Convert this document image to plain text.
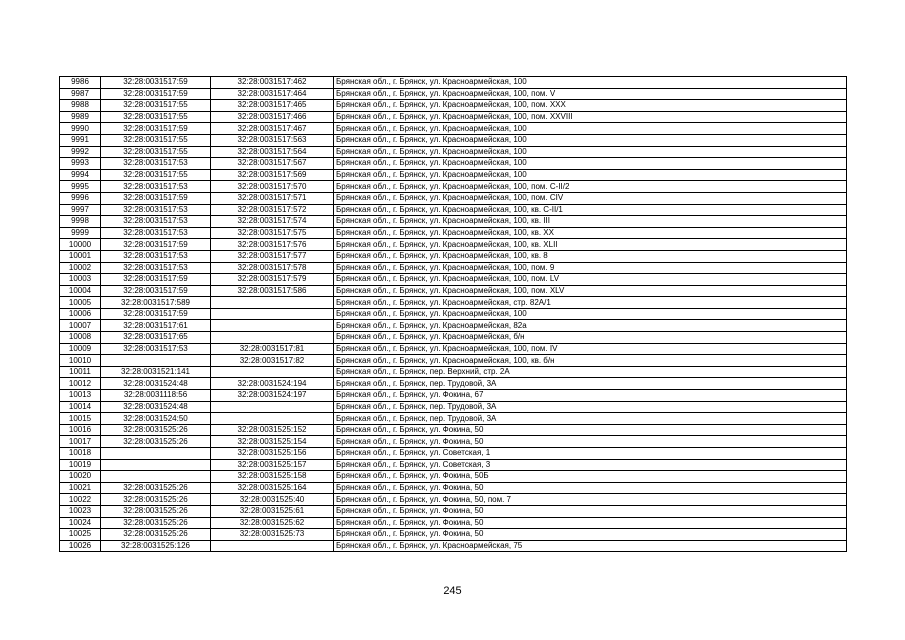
9986	32:28:0031517:59	32:28:0031517:462	Брянская обл., г. Брянск, ул. Красноармейская, 100
9987	32:28:0031517:59	32:28:0031517:464	Брянская обл., г. Брянск, ул. Красноармейская, 100, пом. V
9988	32:28:0031517:55	32:28:0031517:465	Брянская обл., г. Брянск, ул. Красноармейская, 100, пом. XXX
9989	32:28:0031517:55	32:28:0031517:466	Брянская обл., г. Брянск, ул. Красноармейская, 100, пом. XXVIII
9990	32:28:0031517:59	32:28:0031517:467	Брянская обл., г. Брянск, ул. Красноармейская, 100
9991	32:28:0031517:55	32:28:0031517:563	Брянская обл., г. Брянск, ул. Красноармейская, 100
9992	32:28:0031517:55	32:28:0031517:564	Брянская обл., г. Брянск, ул. Красноармейская, 100
9993	32:28:0031517:53	32:28:0031517:567	Брянская обл., г. Брянск, ул. Красноармейская, 100
9994	32:28:0031517:55	32:28:0031517:569	Брянская обл., г. Брянск, ул. Красноармейская, 100
9995	32:28:0031517:53	32:28:0031517:570	Брянская обл., г. Брянск, ул. Красноармейская, 100, пом. С-II/2
9996	32:28:0031517:59	32:28:0031517:571	Брянская обл., г. Брянск, ул. Красноармейская, 100, пом. CIV
9997	32:28:0031517:53	32:28:0031517:572	Брянская обл., г. Брянск, ул. Красноармейская, 100, кв. С-II/1
9998	32:28:0031517:53	32:28:0031517:574	Брянская обл., г. Брянск, ул. Красноармейская, 100, кв. III
9999	32:28:0031517:53	32:28:0031517:575	Брянская обл., г. Брянск, ул. Красноармейская, 100, кв. XX
10000	32:28:0031517:59	32:28:0031517:576	Брянская обл., г. Брянск, ул. Красноармейская, 100, кв. XLII
10001	32:28:0031517:53	32:28:0031517:577	Брянская обл., г. Брянск, ул. Красноармейская, 100, кв. 8
10002	32:28:0031517:53	32:28:0031517:578	Брянская обл., г. Брянск, ул. Красноармейская, 100, пом. 9
10003	32:28:0031517:59	32:28:0031517:579	Брянская обл., г. Брянск, ул. Красноармейская, 100, пом. LV
10004	32:28:0031517:59	32:28:0031517:586	Брянская обл., г. Брянск, ул. Красноармейская, 100, пом. XLV
10005	32:28:0031517:589		Брянская обл., г. Брянск, ул. Красноармейская, стр. 82А/1
10006	32:28:0031517:59		Брянская обл., г. Брянск, ул. Красноармейская, 100
10007	32:28:0031517:61		Брянская обл., г. Брянск, ул. Красноармейская, 82а
10008	32:28:0031517:65		Брянская обл., г. Брянск, ул. Красноармейская, б/н
10009	32:28:0031517:53	32:28:0031517:81	Брянская обл., г. Брянск, ул. Красноармейская, 100, пом. IV
10010		32:28:0031517:82	Брянская обл., г. Брянск, ул. Красноармейская, 100, кв. б/н
10011	32:28:0031521:141		Брянская обл., г. Брянск, пер. Верхний, стр. 2А
10012	32:28:0031524:48	32:28:0031524:194	Брянская обл., г. Брянск, пер. Трудовой, 3А
10013	32:28:0031118:56	32:28:0031524:197	Брянская обл., г. Брянск, ул. Фокина, 67
10014	32:28:0031524:48		Брянская обл., г. Брянск, пер. Трудовой, 3А
10015	32:28:0031524:50		Брянская обл., г. Брянск, пер. Трудовой, 3А
10016	32:28:0031525:26	32:28:0031525:152	Брянская обл., г. Брянск, ул. Фокина, 50
10017	32:28:0031525:26	32:28:0031525:154	Брянская обл., г. Брянск, ул. Фокина, 50
10018		32:28:0031525:156	Брянская обл., г. Брянск, ул. Советская, 1
10019		32:28:0031525:157	Брянская обл., г. Брянск, ул. Советская, 3
10020		32:28:0031525:158	Брянская обл., г. Брянск, ул. Фокина, 50Б
10021	32:28:0031525:26	32:28:0031525:164	Брянская обл., г. Брянск, ул. Фокина, 50
10022	32:28:0031525:26	32:28:0031525:40	Брянская обл., г. Брянск, ул. Фокина, 50, пом. 7
10023	32:28:0031525:26	32:28:0031525:61	Брянская обл., г. Брянск, ул. Фокина, 50
10024	32:28:0031525:26	32:28:0031525:62	Брянская обл., г. Брянск, ул. Фокина, 50
10025	32:28:0031525:26	32:28:0031525:73	Брянская обл., г. Брянск, ул. Фокина, 50
10026	32:28:0031525:126		Брянская обл., г. Брянск, ул. Красноармейская, 75
245
